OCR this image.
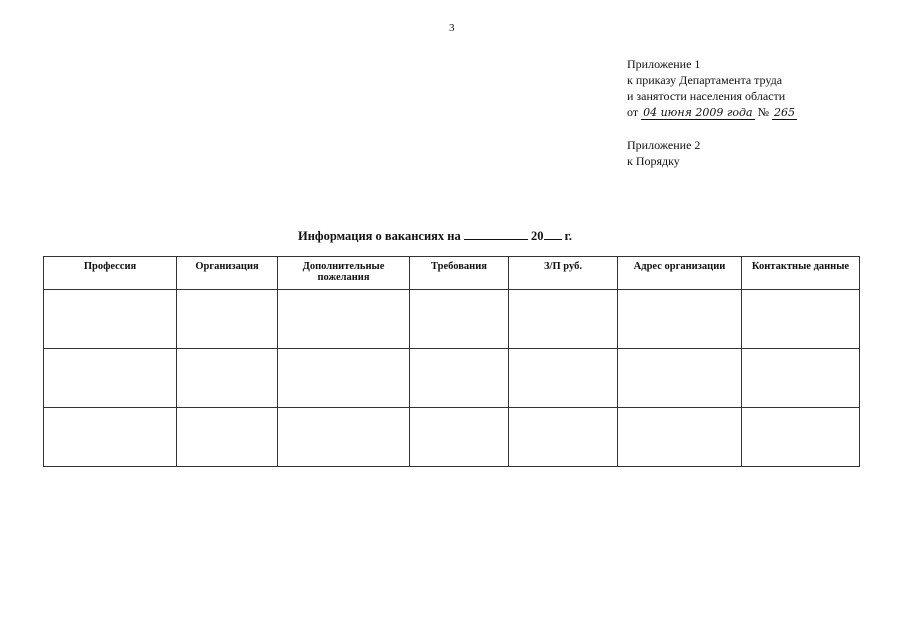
3
Приложение 1
к приказу Департамента труда
и занятости населения области
от 04 июня 2009 года № 265
Приложение 2
к Порядку
Информация о вакансиях на	20 г.
Профессия	Организация	Дополнительные пожелания	Требования	З/П руб.	Адрес организации	Контактные данные
